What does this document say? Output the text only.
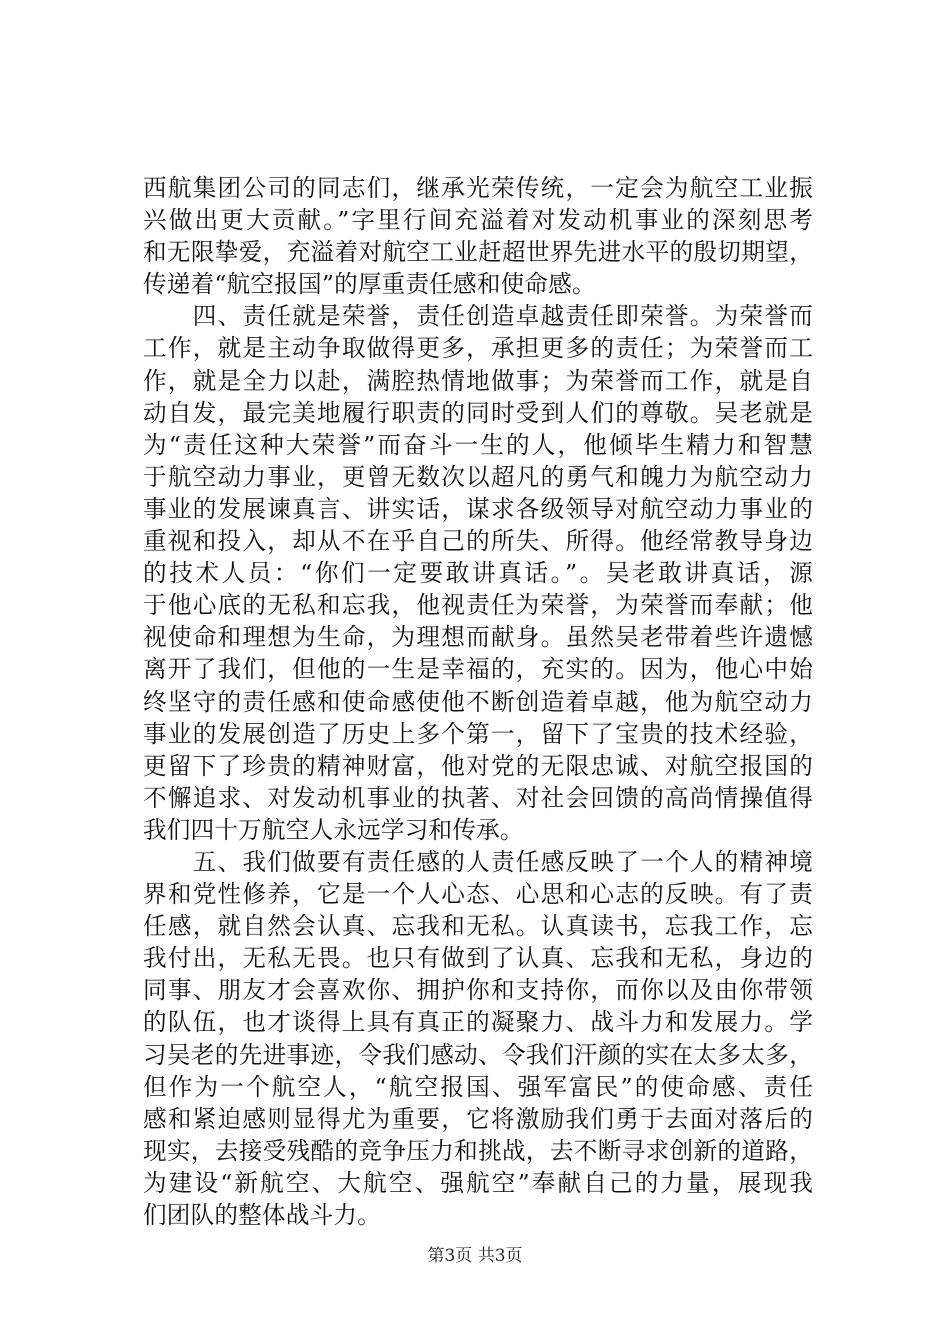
西航集团公司的同志们，继承光荣传统，一定会为航空工业振
兴做出更大贡献。”字里行间充溢着对发动机事业的深刻思考
和无限挚爱，充溢着对航空工业赶超世界先进水平的殷切期望，
传递着“航空报国”的厚重责任感和使命感。
　　四、责任就是荣誉，责任创造卓越责任即荣誉。为荣誉而
工作，就是主动争取做得更多，承担更多的责任；为荣誉而工
作，就是全力以赴，满腔热情地做事；为荣誉而工作，就是自
动自发，最完美地履行职责的同时受到人们的尊敬。吴老就是
为“责任这种大荣誉”而奋斗一生的人，他倾毕生精力和智慧
于航空动力事业，更曾无数次以超凡的勇气和魄力为航空动力
事业的发展谏真言、讲实话，谋求各级领导对航空动力事业的
重视和投入，却从不在乎自己的所失、所得。他经常教导身边
的技术人员：“你们一定要敢讲真话。”。吴老敢讲真话，源
于他心底的无私和忘我，他视责任为荣誉，为荣誉而奉献；他
视使命和理想为生命，为理想而献身。虽然吴老带着些许遗憾
离开了我们，但他的一生是幸福的，充实的。因为，他心中始
终坚守的责任感和使命感使他不断创造着卓越，他为航空动力
事业的发展创造了历史上多个第一，留下了宝贵的技术经验，
更留下了珍贵的精神财富，他对党的无限忠诚、对航空报国的
不懈追求、对发动机事业的执著、对社会回馈的高尚情操值得
我们四十万航空人永远学习和传承。
　　五、我们做要有责任感的人责任感反映了一个人的精神境
界和党性修养，它是一个人心态、心思和心志的反映。有了责
任感，就自然会认真、忘我和无私。认真读书，忘我工作，忘
我付出，无私无畏。也只有做到了认真、忘我和无私，身边的
同事、朋友才会喜欢你、拥护你和支持你，而你以及由你带领
的队伍，也才谈得上具有真正的凝聚力、战斗力和发展力。学
习吴老的先进事迹，令我们感动、令我们汗颜的实在太多太多，
但作为一个航空人，“航空报国、强军富民”的使命感、责任
感和紧迫感则显得尤为重要，它将激励我们勇于去面对落后的
现实，去接受残酷的竞争压力和挑战，去不断寻求创新的道路，
为建设“新航空、大航空、强航空”奉献自己的力量，展现我
们团队的整体战斗力。
第3页 共3页
